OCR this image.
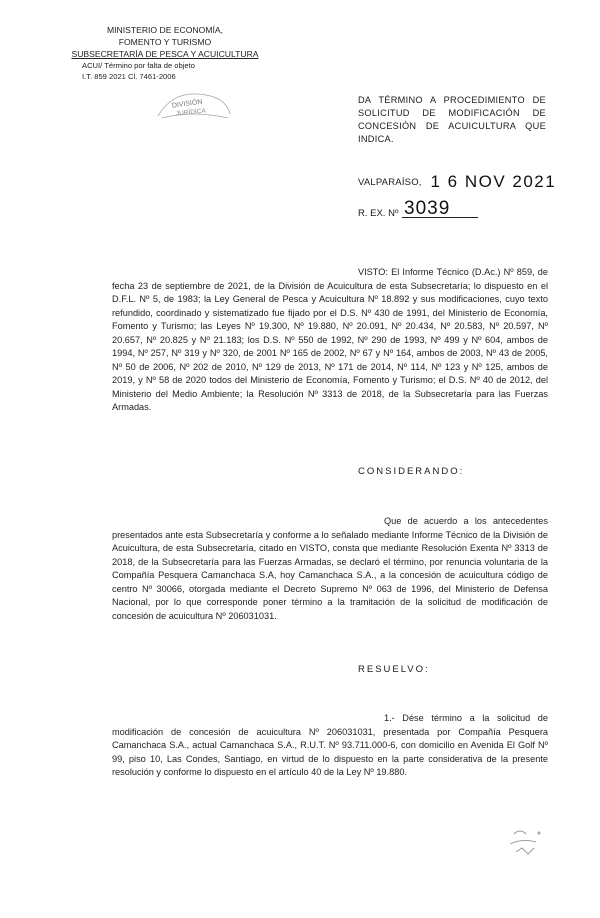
MINISTERIO DE ECONOMÍA,
FOMENTO Y TURISMO
SUBSECRETARÍA DE PESCA Y ACUICULTURA
ACUI/ Término por falta de objeto
I.T. 859 2021 Cl. 7461-2006
DIVISIÓN
JURÍDICA
DA TÉRMINO A PROCEDIMIENTO DE SOLICITUD DE MODIFICACIÓN DE CONCESIÓN DE ACUICULTURA QUE INDICA.
VALPARAÍSO, 1 6 NOV 2021
R. EX. Nº 3039
VISTO: El Informe Técnico (D.Ac.) Nº 859, de fecha 23 de septiembre de 2021, de la División de Acuicultura de esta Subsecretaría; lo dispuesto en el D.F.L. Nº 5, de 1983; la Ley General de Pesca y Acuicultura Nº 18.892 y sus modificaciones, cuyo texto refundido, coordinado y sistematizado fue fijado por el D.S. Nº 430 de 1991, del Ministerio de Economía, Fomento y Turismo; las Leyes Nº 19.300, Nº 19.880, Nº 20.091, Nº 20.434, Nº 20.583, Nº 20.597, Nº 20.657, Nº 20.825 y Nº 21.183; los D.S. Nº 550 de 1992, Nº 290 de 1993, Nº 499 y Nº 604, ambos de 1994, Nº 257, Nº 319 y Nº 320, de 2001 Nº 165 de 2002, Nº 67 y Nº 164, ambos de 2003, Nº 43 de 2005, Nº 50 de 2006, Nº 202 de 2010, Nº 129 de 2013, Nº 171 de 2014, Nº 114, Nº 123 y Nº 125, ambos de 2019, y Nº 58 de 2020 todos del Ministerio de Economía, Fomento y Turismo; el D.S. Nº 40 de 2012, del Ministerio del Medio Ambiente; la Resolución Nº 3313 de 2018, de la Subsecretaría para las Fuerzas Armadas.
CONSIDERANDO:
Que de acuerdo a los antecedentes presentados ante esta Subsecretaría y conforme a lo señalado mediante Informe Técnico de la División de Acuicultura, de esta Subsecretaría, citado en VISTO, consta que mediante Resolución Exenta Nº 3313 de 2018, de la Subsecretaría para las Fuerzas Armadas, se declaró el término, por renuncia voluntaria de la Compañía Pesquera Camanchaca S.A, hoy Camanchaca S.A., a la concesión de acuicultura código de centro Nº 30066, otorgada mediante el Decreto Supremo Nº 063 de 1996, del Ministerio de Defensa Nacional, por lo que corresponde poner término a la tramitación de la solicitud de modificación de concesión de acuicultura Nº 206031031.
RESUELVO:
1.- Dése término a la solicitud de modificación de concesión de acuicultura Nº 206031031, presentada por Compañía Pesquera Camanchaca S.A., actual Camanchaca S.A., R.U.T. Nº 93.711.000-6, con domicilio en Avenida El Golf Nº 99, piso 10, Las Condes, Santiago, en virtud de lo dispuesto en la parte considerativa de la presente resolución y conforme lo dispuesto en el artículo 40 de la Ley Nº 19.880.
